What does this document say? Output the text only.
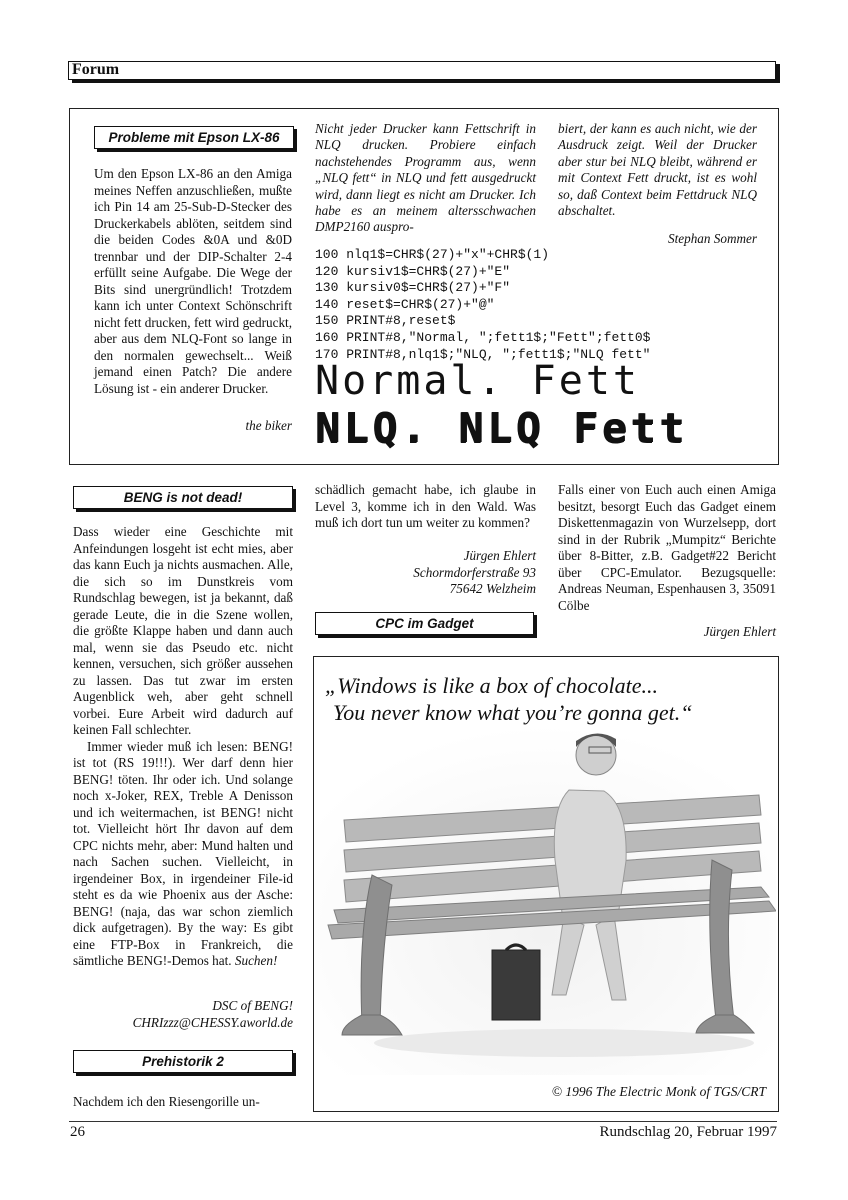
Forum
Probleme mit Epson LX-86
Um den Epson LX-86 an den Amiga meines Neffen anzuschließen, mußte ich Pin 14 am 25-Sub-D-Stecker des Druckerkabels ablöten, seitdem sind die beiden Codes &0A und &0D trennbar und der DIP-Schalter 2-4 erfüllt seine Aufgabe. Die Wege der Bits sind unergründlich! Trotzdem kann ich unter Context Schönschrift nicht fett drucken, fett wird gedruckt, aber aus dem NLQ-Font so lange in den normalen gewechselt... Weiß jemand einen Patch? Die andere Lösung ist - ein anderer Drucker.
the biker
Nicht jeder Drucker kann Fettschrift in NLQ drucken. Probiere einfach nachstehendes Programm aus, wenn „NLQ fett“ in NLQ und fett ausgedruckt wird, dann liegt es nicht am Drucker. Ich habe es an meinem altersschwachen DMP2160 auspro-
biert, der kann es auch nicht, wie der Ausdruck zeigt. Weil der Drucker aber stur bei NLQ bleibt, während er mit Context Fett druckt, ist es wohl so, daß Context beim Fettdruck NLQ abschaltet.
Stephan Sommer
100 nlq1$=CHR$(27)+"x"+CHR$(1)
120 kursiv1$=CHR$(27)+"E"
130 kursiv0$=CHR$(27)+"F"
140 reset$=CHR$(27)+"@"
150 PRINT#8,reset$
160 PRINT#8,"Normal, ";fett1$;"Fett";fett0$
170 PRINT#8,nlq1$;"NLQ, ";fett1$;"NLQ fett"
Normal. Fett
NLQ. NLQ Fett
BENG is not dead!

Dass wieder eine Geschichte mit Anfeindungen losgeht ist echt mies, aber das kann Euch ja nichts ausmachen. Alle, die sich so im Dunstkreis vom Rundschlag bewegen, ist ja bekannt, daß gerade Leute, die in die Szene wollen, die größte Klappe haben und dann auch mal, wenn sie das Pseudo etc. nicht kennen, versuchen, sich größer aussehen zu lassen. Das tut zwar im ersten Augenblick weh, aber geht schnell vorbei. Eure Arbeit wird dadurch auf keinen Fall schlechter.

Immer wieder muß ich lesen: BENG! ist tot (RS 19!!!). Wer darf denn hier BENG! töten. Ihr oder ich. Und solange noch x-Joker, REX, Treble A Denisson und ich weitermachen, ist BENG! nicht tot. Vielleicht hört Ihr davon auf dem CPC nichts mehr, aber: Mund halten und nach Sachen suchen. Vielleicht, in irgendeiner Box, in irgendeiner File-id steht es da wie Phoenix aus der Asche: BENG! (naja, das war schon ziemlich dick aufgetragen). By the way: Es gibt eine FTP-Box in Frankreich, die sämtliche BENG!-Demos hat. Suchen!

DSC of BENG!
CHRIzzz@CHESSY.aworld.de
Prehistorik 2
Nachdem ich den Riesengorille un-
schädlich gemacht habe, ich glaube in Level 3, komme ich in den Wald. Was muß ich dort tun um weiter zu kommen?
Jürgen Ehlert
Schormdorferstraße 93
75642 Welzheim
CPC im Gadget
Falls einer von Euch auch einen Amiga besitzt, besorgt Euch das Gadget einem Diskettenmagazin von Wurzelsepp, dort sind in der Rubrik „Mumpitz“ Berichte über 8-Bitter, z.B. Gadget#22 Bericht über CPC-Emulator. Bezugsquelle: Andreas Neuman, Espenhausen 3, 35091 Cölbe
Jürgen Ehlert
„Windows is like a box of chocolate...
You never know what you’re gonna get.“
© 1996 The Electric Monk of TGS/CRT
26	Rundschlag 20, Februar 1997
